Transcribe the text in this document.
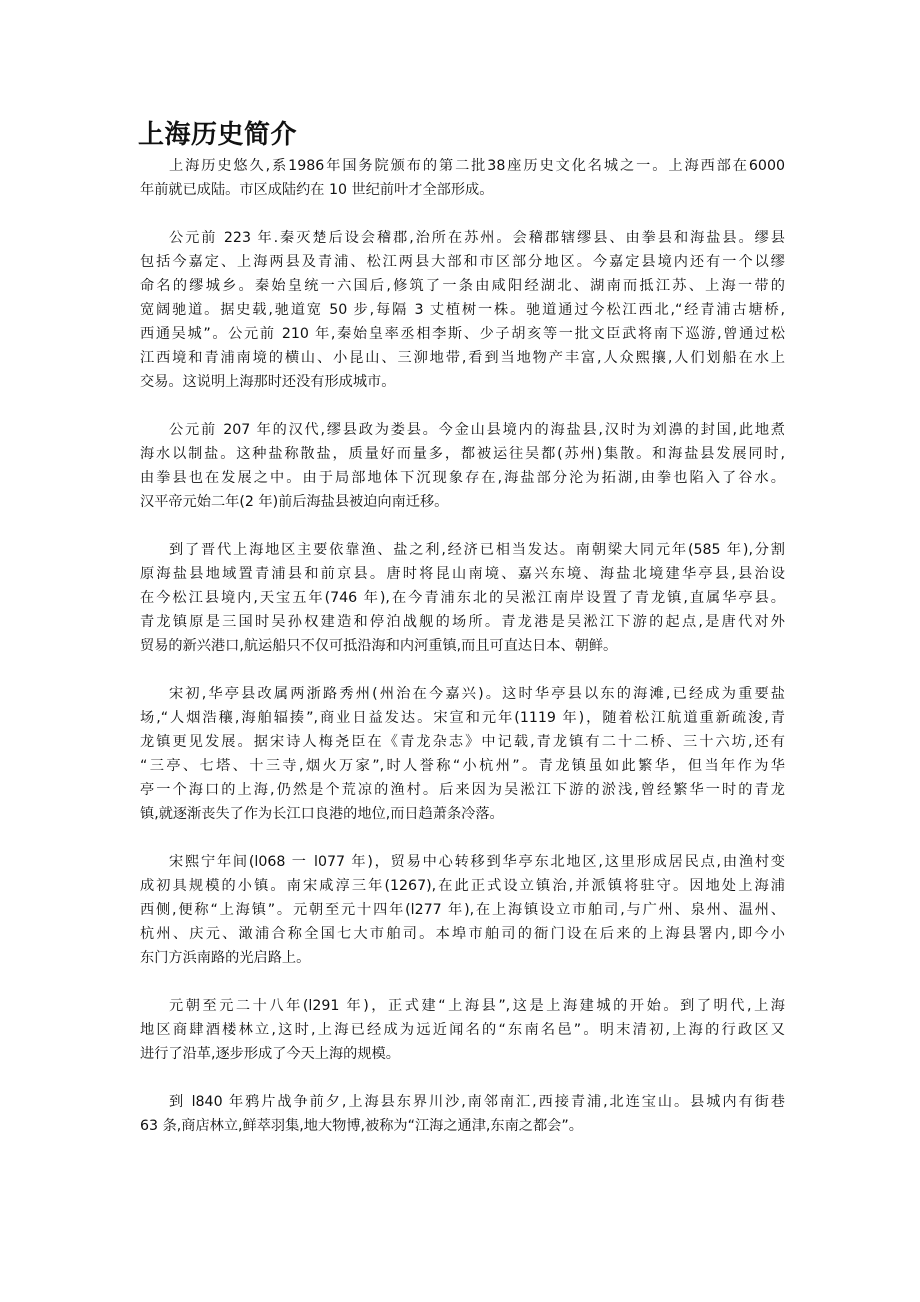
上海历史简介
上海历史悠久,系1986年国务院颁布的第二批38座历史文化名城之一。上海西部在6000
年前就已成陆。市区成陆约在 10 世纪前叶才全部形成。
公元前 223 年.秦灭楚后设会稽郡,治所在苏州。会稽郡辖缪县、由拳县和海盐县。缪县
包括今嘉定、上海两县及青浦、松江两县大部和市区部分地区。今嘉定县境内还有一个以缪
命名的缪城乡。秦始皇统一六国后,修筑了一条由咸阳经湖北、湖南而抵江苏、上海一带的
宽阔驰道。据史载,驰道宽 50 步,每隔 3 丈植树一株。驰道通过今松江西北,“经青浦古塘桥,
西通吴城”。公元前 210 年,秦始皇率丞相李斯、少子胡亥等一批文臣武将南下巡游,曾通过松
江西境和青浦南境的横山、小昆山、三泖地带,看到当地物产丰富,人众熙攘,人们划船在水上
交易。这说明上海那时还没有形成城市。
公元前 207 年的汉代,缪县政为娄县。今金山县境内的海盐县,汉时为刘濞的封国,此地煮
海水以制盐。这种盐称散盐，质量好而量多，都被运往吴都(苏州)集散。和海盐县发展同时,
由拳县也在发展之中。由于局部地体下沉现象存在,海盐部分沦为拓湖,由拳也陷入了谷水。
汉平帝元始二年(2 年)前后海盐县被迫向南迁移。
到了晋代上海地区主要依靠渔、盐之利,经济已相当发达。南朝梁大同元年(585 年),分割
原海盐县地域置青浦县和前京县。唐时将昆山南境、嘉兴东境、海盐北境建华亭县,县治设
在今松江县境内,天宝五年(746 年),在今青浦东北的吴淞江南岸设置了青龙镇,直属华亭县。
青龙镇原是三国时吴孙权建造和停泊战舰的场所。青龙港是吴淞江下游的起点,是唐代对外
贸易的新兴港口,航运船只不仅可抵沿海和内河重镇,而且可直达日本、朝鲜。
宋初,华亭县改属两浙路秀州(州治在今嘉兴)。这时华亭县以东的海滩,已经成为重要盐
场,“人烟浩穰,海舶辐揍”,商业日益发达。宋宣和元年(1119 年)，随着松江航道重新疏浚,青
龙镇更见发展。据宋诗人梅尧臣在《青龙杂志》中记载,青龙镇有二十二桥、三十六坊,还有
“三亭、七塔、十三寺,烟火万家”,时人誉称“小杭州”。青龙镇虽如此繁华，但当年作为华
亭一个海口的上海,仍然是个荒凉的渔村。后来因为吴淞江下游的淤浅,曾经繁华一时的青龙
镇,就逐渐丧失了作为长江口良港的地位,而日趋萧条冷落。
宋熙宁年间(l068 一 l077 年)，贸易中心转移到华亭东北地区,这里形成居民点,由渔村变
成初具规模的小镇。南宋咸淳三年(1267),在此正式设立镇治,并派镇将驻守。因地处上海浦
西侧,便称“上海镇”。元朝至元十四年(l277 年),在上海镇设立市舶司,与广州、泉州、温州、
杭州、庆元、澉浦合称全国七大市舶司。本埠市舶司的衙门设在后来的上海县署内,即今小
东门方浜南路的光启路上。
元朝至元二十八年(l291 年)，正式建“上海县”,这是上海建城的开始。到了明代,上海
地区商肆酒楼林立,这时,上海已经成为远近闻名的“东南名邑”。明末清初,上海的行政区又
进行了沿革,逐步形成了今天上海的规模。
到 l840 年鸦片战争前夕,上海县东界川沙,南邻南汇,西接青浦,北连宝山。县城内有街巷
63 条,商店林立,鲜萃羽集,地大物博,被称为“江海之通津,东南之都会”。
